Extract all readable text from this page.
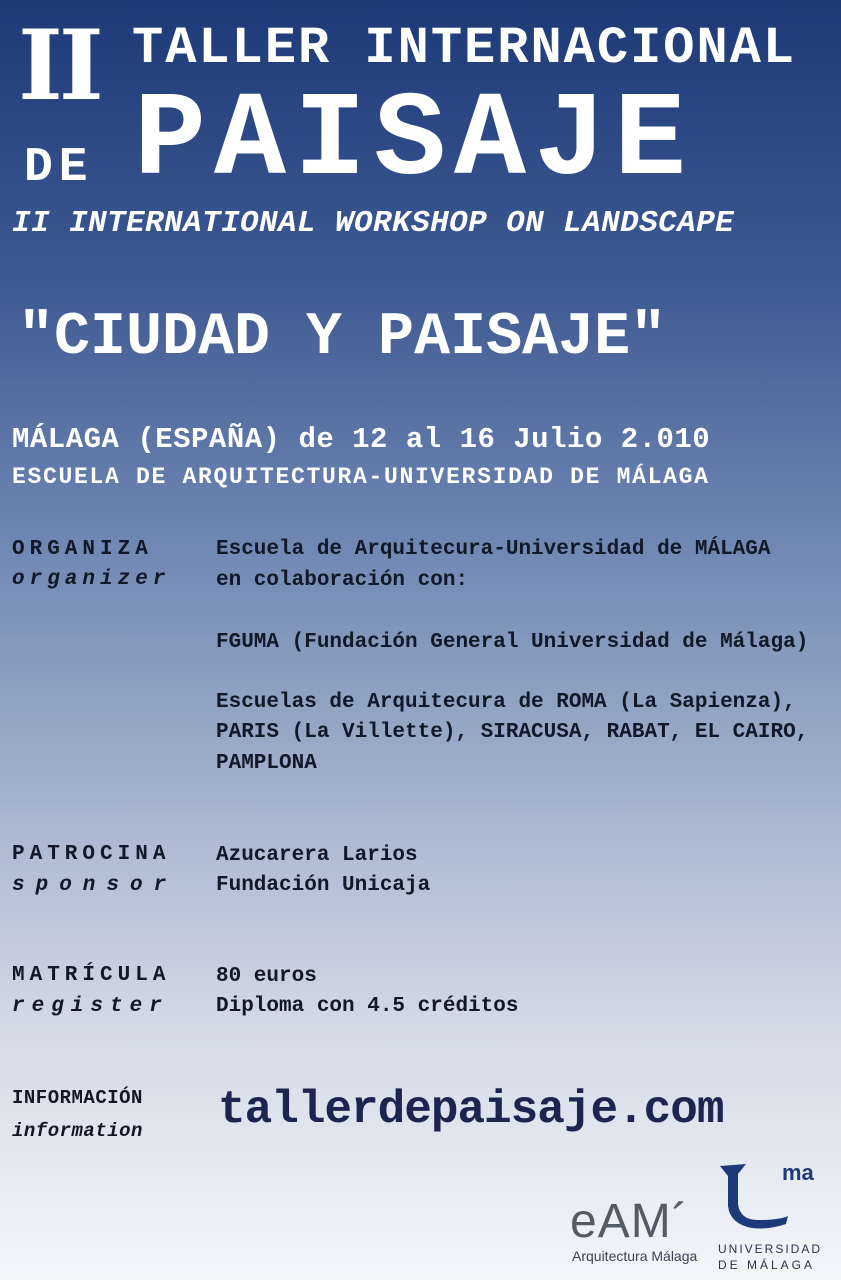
II TALLER INTERNACIONAL
DE PAISAJE
II INTERNATIONAL WORKSHOP ON LANDSCAPE
"CIUDAD Y PAISAJE"
MÁLAGA (ESPAÑA) de 12 al 16 Julio 2.010
ESCUELA DE ARQUITECTURA-UNIVERSIDAD DE MÁLAGA
ORGANIZA
organizer
Escuela de Arquitecura-Universidad de MÁLAGA
en colaboración con:
FGUMA (Fundación General Universidad de Málaga)
Escuelas de Arquitecura de ROMA (La Sapienza),
PARIS (La Villette), SIRACUSA, RABAT, EL CAIRO,
PAMPLONA
PATROCINA
sponsor
Azucarera Larios
Fundación Unicaja
MATRÍCULA
register
80 euros
Diploma con 4.5 créditos
INFORMACIÓN
information tallerdepaisaje.com
eAM´
Arquitectura Málaga
ma
UNIVERSIDAD
DE MÁLAGA
